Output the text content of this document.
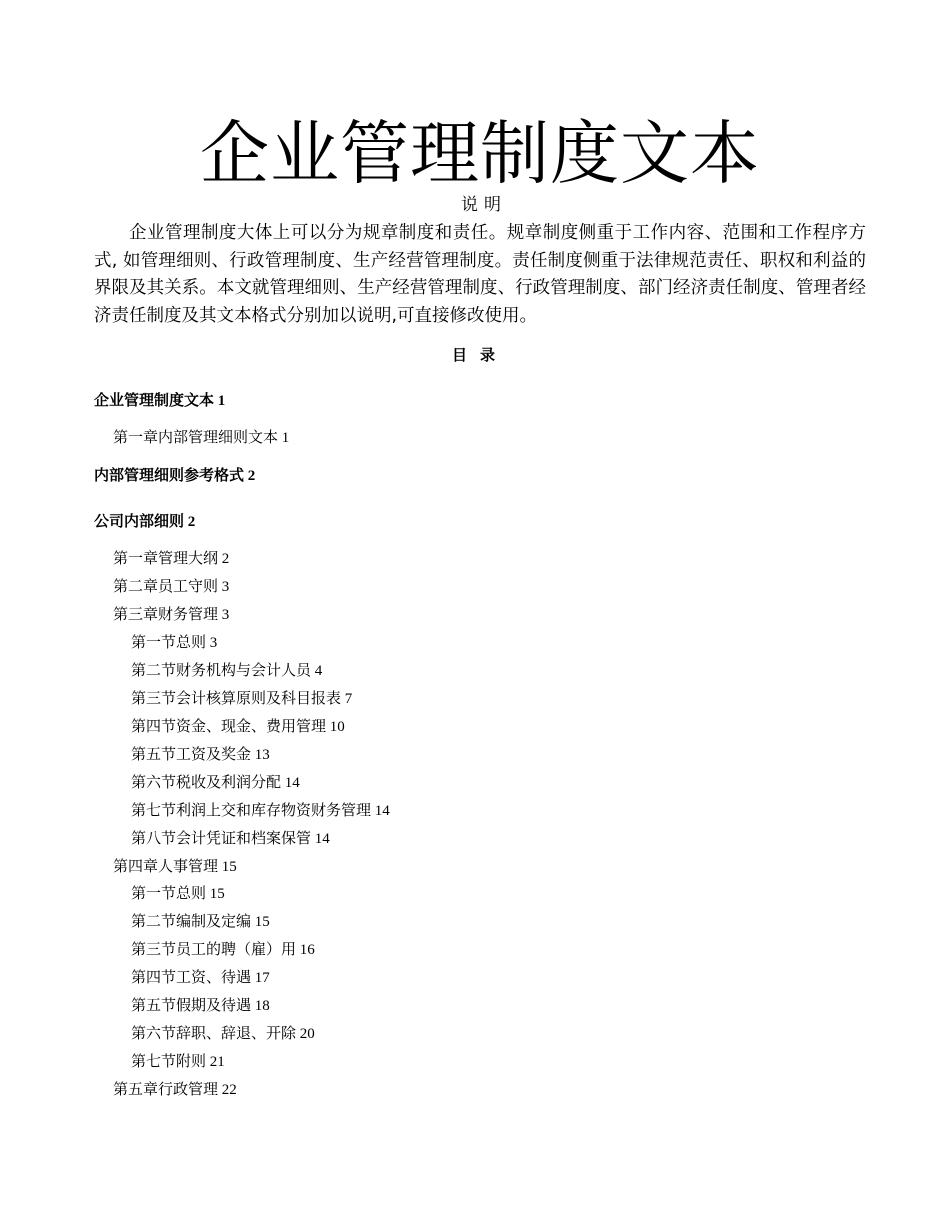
企业管理制度文本
说明

企业管理制度大体上可以分为规章制度和责任。规章制度侧重于工作内容、范围和工作程序方式, 如管理细则、行政管理制度、生产经营管理制度。责任制度侧重于法律规范责任、职权和利益的界限及其关系。本文就管理细则、生产经营管理制度、行政管理制度、部门经济责任制度、管理者经济责任制度及其文本格式分别加以说明,可直接修改使用。

目录
企业管理制度文本 1
第一章内部管理细则文本 1
内部管理细则参考格式 2
公司内部细则 2
第一章管理大纲 2
第二章员工守则 3
第三章财务管理 3
第一节总则 3
第二节财务机构与会计人员 4
第三节会计核算原则及科目报表 7
第四节资金、现金、费用管理 10
第五节工资及奖金 13
第六节税收及利润分配 14
第七节利润上交和库存物资财务管理 14
第八节会计凭证和档案保管 14
第四章人事管理 15
第一节总则 15
第二节编制及定编 15
第三节员工的聘（雇）用 16
第四节工资、待遇 17
第五节假期及待遇 18
第六节辞职、辞退、开除 20
第七节附则 21
第五章行政管理 22
